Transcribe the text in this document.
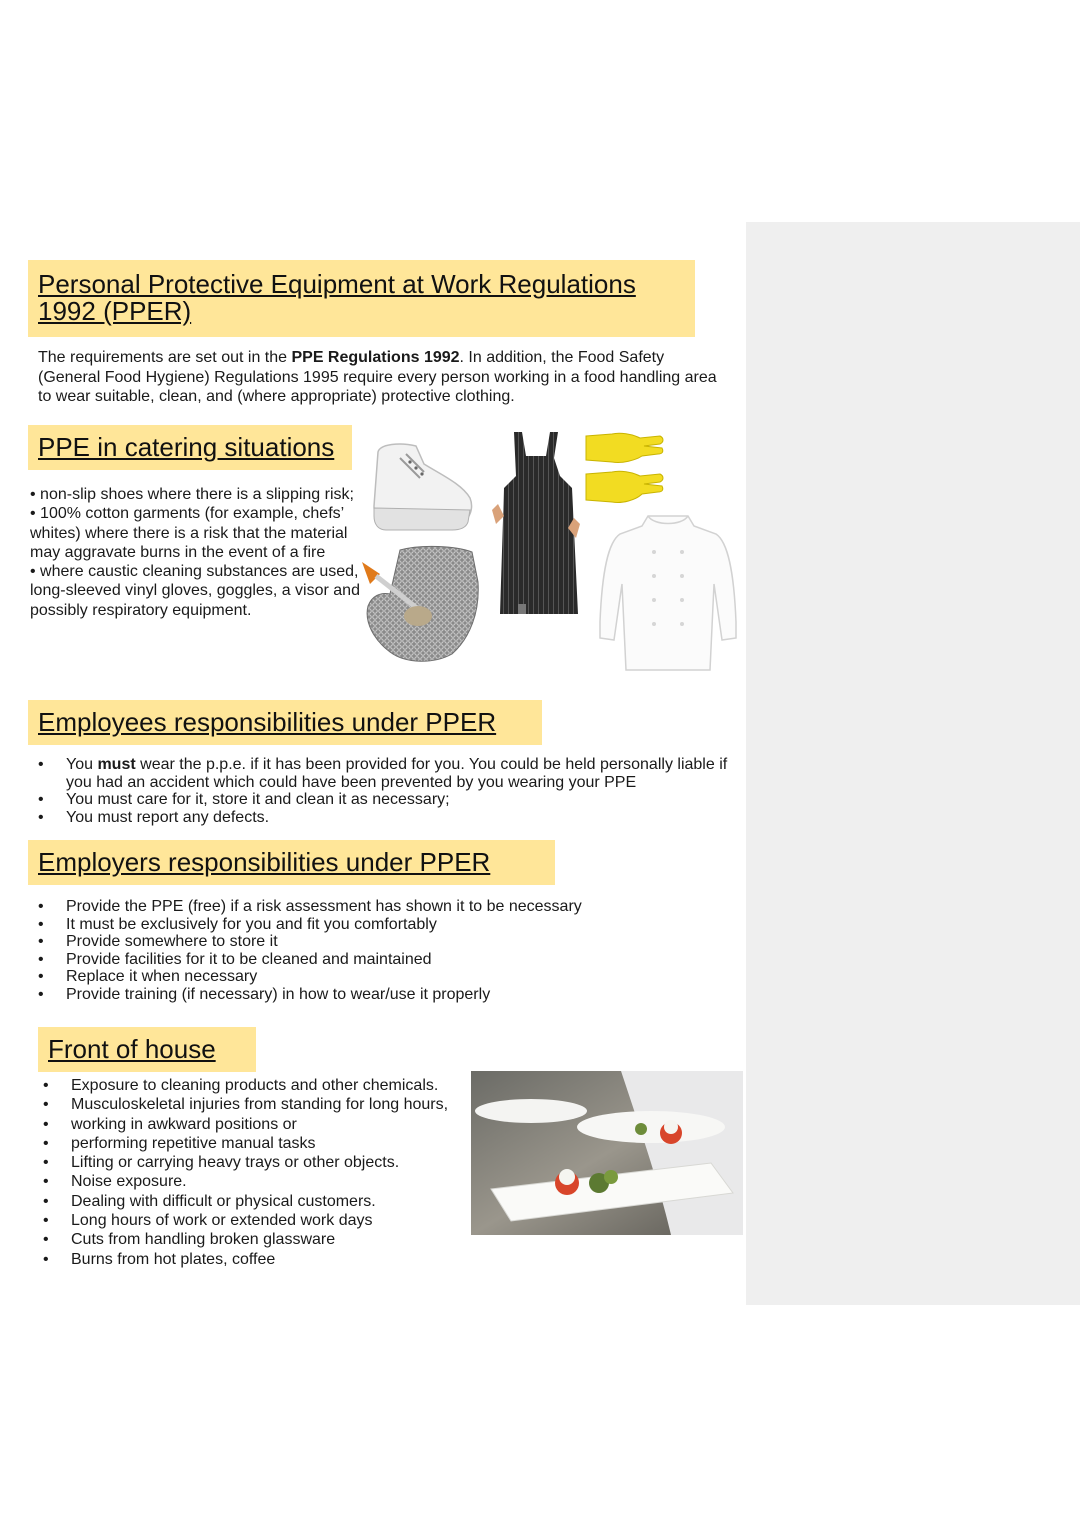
Personal Protective Equipment at Work Regulations 1992 (PPER)
The requirements are set out in the PPE Regulations 1992. In addition, the Food Safety (General Food Hygiene) Regulations 1995 require every person working in a food handling area to wear suitable, clean, and (where appropriate) protective clothing.
PPE in catering situations
• non-slip shoes where there is a slipping risk;
• 100% cotton garments (for example, chefs’ whites) where there is a risk that the material may aggravate burns in the event of a fire
• where caustic cleaning substances are used, long-sleeved vinyl gloves, goggles, a visor and possibly respiratory equipment.
Employees responsibilities under PPER
• You must wear the p.p.e. if it has been provided for you. You could be held personally liable if you had an accident which could have been prevented by you wearing your PPE
• You must care for it, store it and clean it as necessary;
• You must report any defects.
Employers responsibilities under PPER
• Provide the PPE (free) if a risk assessment has shown it to be necessary
• It must be exclusively for you and fit you comfortably
• Provide somewhere to store it
• Provide facilities for it to be cleaned and maintained
• Replace it when necessary
• Provide training (if necessary) in how to wear/use it properly
Front of house
• Exposure to cleaning products and other chemicals.
• Musculoskeletal injuries from standing for long hours,
• working in awkward positions or
• performing repetitive manual tasks
• Lifting or carrying heavy trays or other objects.
• Noise exposure.
• Dealing with difficult or physical customers.
• Long hours of work or extended work days
• Cuts from handling broken glassware
• Burns from hot plates, coffee
